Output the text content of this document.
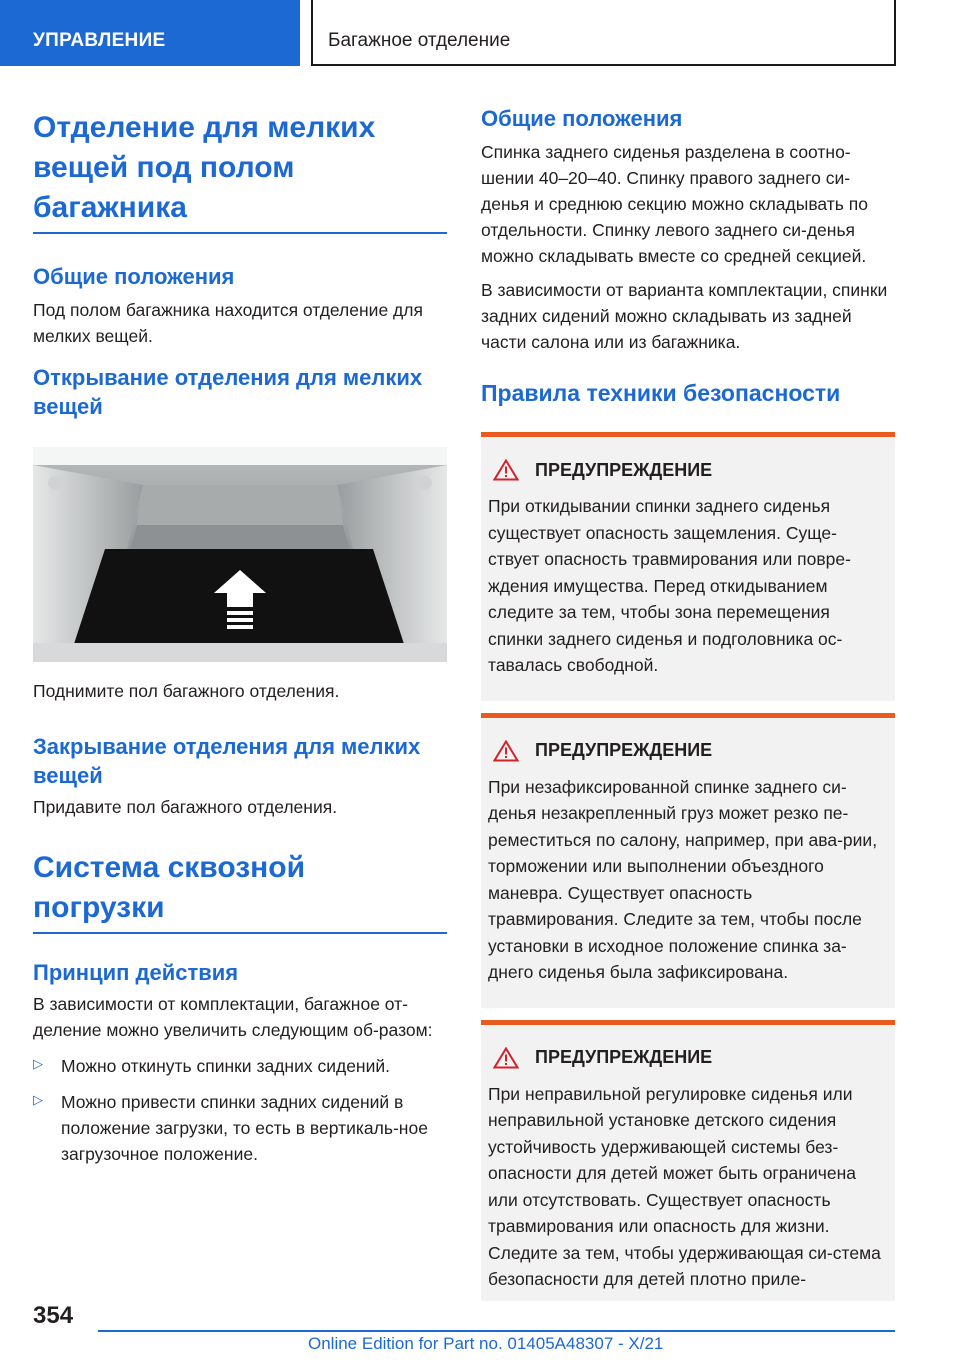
УПРАВЛЕНИЕ	Багажное отделение
Отделение для мелких вещей под полом багажника
Общие положения
Под полом багажника находится отделение для мелких вещей.
Открывание отделения для мелких вещей
Поднимите пол багажного отделения.
Закрывание отделения для мелких вещей
Придавите пол багажного отделения.
Система сквозной погрузки
Принцип действия
В зависимости от комплектации, багажное от-деление можно увеличить следующим об-разом:
▷	Можно откинуть спинки задних сидений.
▷	Можно привести спинки задних сидений в положение загрузки, то есть в вертикаль-ное загрузочное положение.
Общие положения
Спинка заднего сиденья разделена в соотно-шении 40–20–40. Спинку правого заднего си-денья и среднюю секцию можно складывать по отдельности. Спинку левого заднего си-денья можно складывать вместе со средней секцией.
В зависимости от варианта комплектации, спинки задних сидений можно складывать из задней части салона или из багажника.
Правила техники безопасности
ПРЕДУПРЕЖДЕНИЕ
При откидывании спинки заднего сиденья существует опасность защемления. Суще-ствует опасность травмирования или повре-ждения имущества. Перед откидыванием следите за тем, чтобы зона перемещения спинки заднего сиденья и подголовника ос-тавалась свободной.
ПРЕДУПРЕЖДЕНИЕ
При незафиксированной спинке заднего си-денья незакрепленный груз может резко пе-реместиться по салону, например, при ава-рии, торможении или выполнении объездного маневра. Существует опасность травмирования. Следите за тем, чтобы после установки в исходное положение спинка за-днего сиденья была зафиксирована.
ПРЕДУПРЕЖДЕНИЕ
При неправильной регулировке сиденья или неправильной установке детского сидения устойчивость удерживающей системы без-опасности для детей может быть ограничена или отсутствовать. Существует опасность травмирования или опасность для жизни. Следите за тем, чтобы удерживающая си-стема безопасности для детей плотно приле-
354
Online Edition for Part no. 01405A48307 - X/21
